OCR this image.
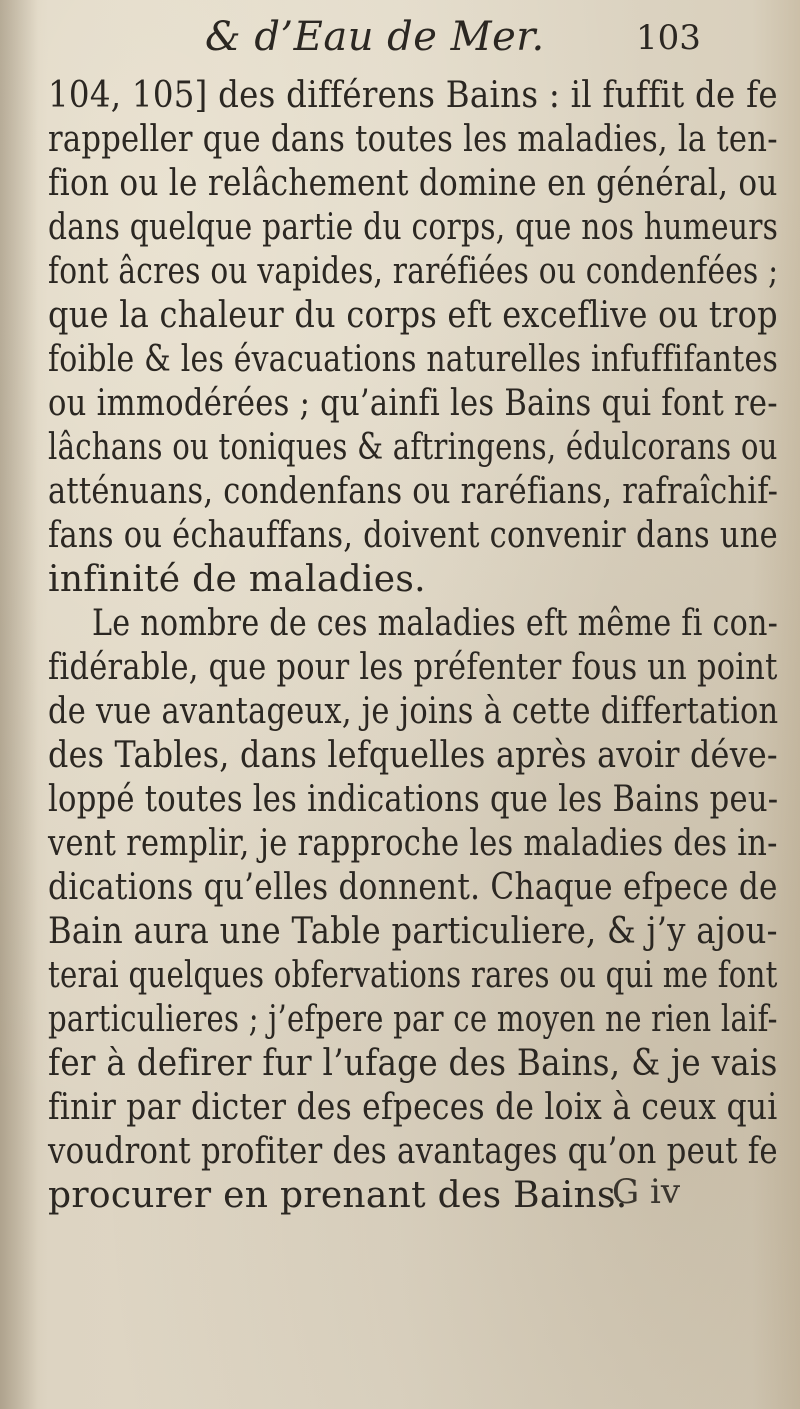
& d’Eau de Mer.	103
104, 105] des différens Bains : il fuffit de fe
rappeller que dans toutes les maladies, la ten-
fion ou le relâchement domine en général, ou
dans quelque partie du corps, que nos humeurs
font âcres ou vapides, raréfiées ou condenfées ;
que la chaleur du corps eft exceflive ou trop
foible & les évacuations naturelles infuffifantes
ou immodérées ; qu’ainfi les Bains qui font re-
lâchans ou toniques & aftringens, édulcorans ou
atténuans, condenfans ou raréfians, rafraîchif-
fans ou échauffans, doivent convenir dans une
infinité de maladies.
Le nombre de ces maladies eft même fi con-
fidérable, que pour les préfenter fous un point
de vue avantageux, je joins à cette differtation
des Tables, dans lefquelles après avoir déve-
loppé toutes les indications que les Bains peu-
vent remplir, je rapproche les maladies des in-
dications qu’elles donnent. Chaque efpece de
Bain aura une Table particuliere, & j’y ajou-
terai quelques obfervations rares ou qui me font
particulieres ; j’efpere par ce moyen ne rien laif-
fer à defirer fur l’ufage des Bains, & je vais
finir par dicter des efpeces de loix à ceux qui
voudront profiter des avantages qu’on peut fe
procurer en prenant des Bains.
G iv
